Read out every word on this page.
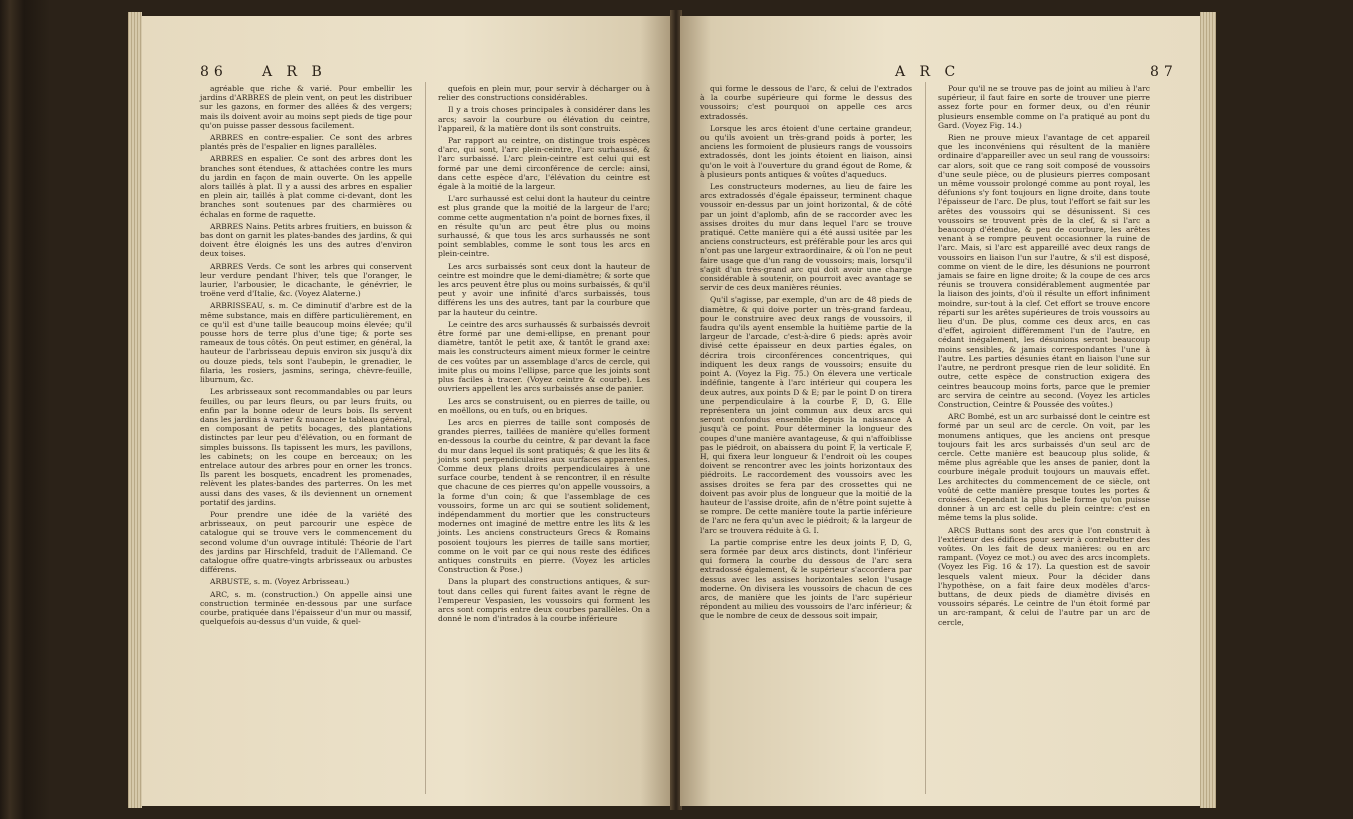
86 A R B

agréable que riche & varié. Pour embellir les jardins d'ARBRES de plein vent, on peut les distribuer sur les gazons, en former des allées & des vergers; mais ils doivent avoir au moins sept pieds de tige pour qu'on puisse passer dessous facilement.

ARBRES en contre-espalier. Ce sont des arbres plantés près de l'espalier en lignes parallèles.

ARBRES en espalier. Ce sont des arbres dont les branches sont étendues, & attachées contre les murs du jardin en façon de main ouverte. On les appelle alors taillés à plat. Il y a aussi des arbres en espalier en plein air, taillés à plat comme ci-devant, dont les branches sont soutenues par des charmières ou échalas en forme de raquette.

ARBRES Nains. Petits arbres fruitiers, en buisson & bas dont on garnit les plates-bandes des jardins, & qui doivent être éloignés les uns des autres d'environ deux toises.

ARBRES Verds. Ce sont les arbres qui conservent leur verdure pendant l'hiver, tels que l'oranger, le laurier, l'arbousier, le dicachante, le génévrier, le troëne verd d'Italie, &c. (Voyez Alaterne.)

ARBRISSEAU, s. m. Ce diminutif d'arbre est de la même substance, mais en diffère particulièrement, en ce qu'il est d'une taille beaucoup moins élevée; qu'il pousse hors de terre plus d'une tige; & porte ses rameaux de tous côtés. On peut estimer, en général, la hauteur de l'arbrisseau depuis environ six jusqu'à dix ou douze pieds, tels sont l'aubepin, le grenadier, le filaria, les rosiers, jasmins, seringa, chèvre-feuille, liburnum, &c.

Les arbrisseaux sont recommandables ou par leurs feuilles, ou par leurs fleurs, ou par leurs fruits, ou enfin par la bonne odeur de leurs bois. Ils servent dans les jardins à varier & nuancer le tableau général, en composant de petits bocages, des plantations distinctes par leur peu d'élévation, ou en formant de simples buissons. Ils tapissent les murs, les pavillons, les cabinets; on les coupe en berceaux; on les entrelace autour des arbres pour en orner les troncs. Ils parent les bosquets, encadrent les promenades, relèvent les plates-bandes des parterres. On les met aussi dans des vases, & ils deviennent un ornement portatif des jardins.

Pour prendre une idée de la variété des arbrisseaux, on peut parcourir une espèce de catalogue qui se trouve vers le commencement du second volume d'un ouvrage intitulé: Théorie de l'art des jardins par Hirschfeld, traduit de l'Allemand. Ce catalogue offre quatre-vingts arbrisseaux ou arbustes différens.

ARBUSTE, s. m. (Voyez Arbrisseau.)

ARC, s. m. (construction.) On appelle ainsi une construction terminée en-dessous par une surface courbe, pratiquée dans l'épaisseur d'un mur ou massif, quelquefois au-dessus d'un vuide, & quel-

quefois en plein mur, pour servir à décharger ou à relier des constructions considérables.

Il y a trois choses principales à considérer dans les arcs; savoir la courbure ou élévation du ceintre, l'appareil, & la matière dont ils sont construits.

Par rapport au ceintre, on distingue trois espèces d'arc, qui sont, l'arc plein-ceintre, l'arc surhaussé, & l'arc surbaissé. L'arc plein-ceintre est celui qui est formé par une demi circonférence de cercle: ainsi, dans cette espèce d'arc, l'élévation du ceintre est égale à la moitié de la largeur.

L'arc surhaussé est celui dont la hauteur du ceintre est plus grande que la moitié de la largeur de l'arc; comme cette augmentation n'a point de bornes fixes, il en résulte qu'un arc peut être plus ou moins surhaussé, & que tous les arcs surhaussés ne sont point semblables, comme le sont tous les arcs en plein-ceintre.

Les arcs surbaissés sont ceux dont la hauteur de ceintre est moindre que le demi-diamètre; & sorte que les arcs peuvent être plus ou moins surbaissés, & qu'il peut y avoir une infinité d'arcs surbaissés, tous différens les uns des autres, tant par la courbure que par la hauteur du ceintre.

Le ceintre des arcs surhaussés & surbaissés devroit être formé par une demi-ellipse, en prenant pour diamètre, tantôt le petit axe, & tantôt le grand axe: mais les constructeurs aiment mieux former le ceintre de ces voûtes par un assemblage d'arcs de cercle, qui imite plus ou moins l'ellipse, parce que les joints sont plus faciles à tracer. (Voyez ceintre & courbe). Les ouvriers appellent les arcs surbaissés anse de panier.

Les arcs se construisent, ou en pierres de taille, ou en moëllons, ou en tufs, ou en briques.

Les arcs en pierres de taille sont composés de grandes pierres, taillées de manière qu'elles forment en-dessous la courbe du ceintre, & par devant la face du mur dans lequel ils sont pratiqués; & que les lits & joints sont perpendiculaires aux surfaces apparentes. Comme deux plans droits perpendiculaires à une surface courbe, tendent à se rencontrer, il en résulte que chacune de ces pierres qu'on appelle voussoirs, a la forme d'un coin; & que l'assemblage de ces voussoirs, forme un arc qui se soutient solidement, indépendamment du mortier que les constructeurs modernes ont imaginé de mettre entre les lits & les joints. Les anciens constructeurs Grecs & Romains posoient toujours les pierres de taille sans mortier, comme on le voit par ce qui nous reste des édifices antiques construits en pierre. (Voyez les articles Construction & Pose.)

Dans la plupart des constructions antiques, & sur-tout dans celles qui furent faites avant le règne de l'empereur Vespasien, les voussoirs qui forment les arcs sont compris entre deux courbes parallèles. On a donné le nom d'intrados à la courbe inférieure

A R C	87

qui forme le dessous de l'arc, & celui de l'extrados à la courbe supérieure qui forme le dessus des voussoirs; c'est pourquoi on appelle ces arcs extradossés.

Lorsque les arcs étoient d'une certaine grandeur, ou qu'ils avoient un très-grand poids à porter, les anciens les formoient de plusieurs rangs de voussoirs extradossés, dont les joints étoient en liaison, ainsi qu'on le voit à l'ouverture du grand égout de Rome, & à plusieurs ponts antiques & voûtes d'aqueducs.

Les constructeurs modernes, au lieu de faire les arcs extradossés d'égale épaisseur, terminent chaque voussoir en-dessus par un joint horizontal, & de côté par un joint d'aplomb, afin de se raccorder avec les assises droites du mur dans lequel l'arc se trouve pratiqué. Cette manière qui a été aussi usitée par les anciens constructeurs, est préférable pour les arcs qui n'ont pas une largeur extraordinaire, & où l'on ne peut faire usage que d'un rang de voussoirs; mais, lorsqu'il s'agit d'un très-grand arc qui doit avoir une charge considérable à soutenir, on pourroit avec avantage se servir de ces deux manières réunies.

Qu'il s'agisse, par exemple, d'un arc de 48 pieds de diamètre, & qui doive porter un très-grand fardeau, pour le construire avec deux rangs de voussoirs, il faudra qu'ils ayent ensemble la huitième partie de la largeur de l'arcade, c'est-à-dire 6 pieds: après avoir divisé cette épaisseur en deux parties égales, on décrira trois circonférences concentriques, qui indiquent les deux rangs de voussoirs; ensuite du point A. (Voyez la Fig. 75.) On élevera une verticale indéfinie, tangente à l'arc intérieur qui coupera les deux autres, aux points D & E; par le point D on tirera une perpendiculaire à la courbe F, D, G. Elle représentera un joint commun aux deux arcs qui seront confondus ensemble depuis la naissance A jusqu'à ce point. Pour déterminer la longueur des coupes d'une manière avantageuse, & qui n'affoiblisse pas le piédroit, on abaissera du point F, la verticale F, H, qui fixera leur longueur & l'endroit où les coupes doivent se rencontrer avec les joints horizontaux des piédroits. Le raccordement des voussoirs avec les assises droites se fera par des crossettes qui ne doivent pas avoir plus de longueur que la moitié de la hauteur de l'assise droite, afin de n'être point sujette à se rompre. De cette manière toute la partie inférieure de l'arc ne fera qu'un avec le piédroit; & la largeur de l'arc se trouvera réduite à G. I.

La partie comprise entre les deux joints F, D, G, sera formée par deux arcs distincts, dont l'inférieur qui formera la courbe du dessous de l'arc sera extradossé également, & le supérieur s'accordera par dessus avec les assises horizontales selon l'usage moderne. On divisera les voussoirs de chacun de ces arcs, de manière que les joints de l'arc supérieur répondent au milieu des voussoirs de l'arc inférieur; & que le nombre de ceux de dessous soit impair,

Pour qu'il ne se trouve pas de joint au milieu à l'arc supérieur, il faut faire en sorte de trouver une pierre assez forte pour en former deux, ou d'en réunir plusieurs ensemble comme on l'a pratiqué au pont du Gard. (Voyez Fig. 14.)

Rien ne prouve mieux l'avantage de cet appareil que les inconvéniens qui résultent de la manière ordinaire d'appareiller avec un seul rang de voussoirs: car alors, soit que ce rang soit composé de voussoirs d'une seule pièce, ou de plusieurs pierres composant un même voussoir prolongé comme au pont royal, les défunions s'y font toujours en ligne droite, dans toute l'épaisseur de l'arc. De plus, tout l'effort se fait sur les arêtes des voussoirs qui se désunissent. Si ces voussoirs se trouvent près de la clef, & si l'arc a beaucoup d'étendue, & peu de courbure, les arêtes venant à se rompre peuvent occasionner la ruine de l'arc. Mais, si l'arc est appareillé avec deux rangs de voussoirs en liaison l'un sur l'autre, & s'il est disposé, comme on vient de le dire, les désunions ne pourront jamais se faire en ligne droite; & la coupe de ces arcs réunis se trouvera considérablement augmentée par la liaison des joints, d'où il résulte un effort infiniment moindre, sur-tout à la clef. Cet effort se trouve encore réparti sur les arêtes supérieures de trois voussoirs au lieu d'un. De plus, comme ces deux arcs, en cas d'effet, agiroient différemment l'un de l'autre, en cédant inégalement, les désunions seront beaucoup moins sensibles, & jamais correspondantes l'une à l'autre. Les parties désunies étant en liaison l'une sur l'autre, ne perdront presque rien de leur solidité. En outre, cette espèce de construction exigera des ceintres beaucoup moins forts, parce que le premier arc servira de ceintre au second. (Voyez les articles Construction, Ceintre & Poussée des voûtes.)

ARC Bombé, est un arc surbaissé dont le ceintre est formé par un seul arc de cercle. On voit, par les monumens antiques, que les anciens ont presque toujours fait les arcs surbaissés d'un seul arc de cercle. Cette manière est beaucoup plus solide, & même plus agréable que les anses de panier, dont la courbure inégale produit toujours un mauvais effet. Les architectes du commencement de ce siècle, ont voûté de cette manière presque toutes les portes & croisées. Cependant la plus belle forme qu'on puisse donner à un arc est celle du plein ceintre: c'est en même tems la plus solide.

ARCS Buttans sont des arcs que l'on construit à l'extérieur des édifices pour servir à contrebutter des voûtes. On les fait de deux manières: ou en arc rampant. (Voyez ce mot.) ou avec des arcs incomplets. (Voyez les Fig. 16 & 17). La question est de savoir lesquels valent mieux. Pour la décider dans l'hypothèse, on a fait faire deux modèles d'arcs-buttans, de deux pieds de diamètre divisés en voussoirs séparés. Le ceintre de l'un étoit formé par un arc-rampant, & celui de l'autre par un arc de cercle,
